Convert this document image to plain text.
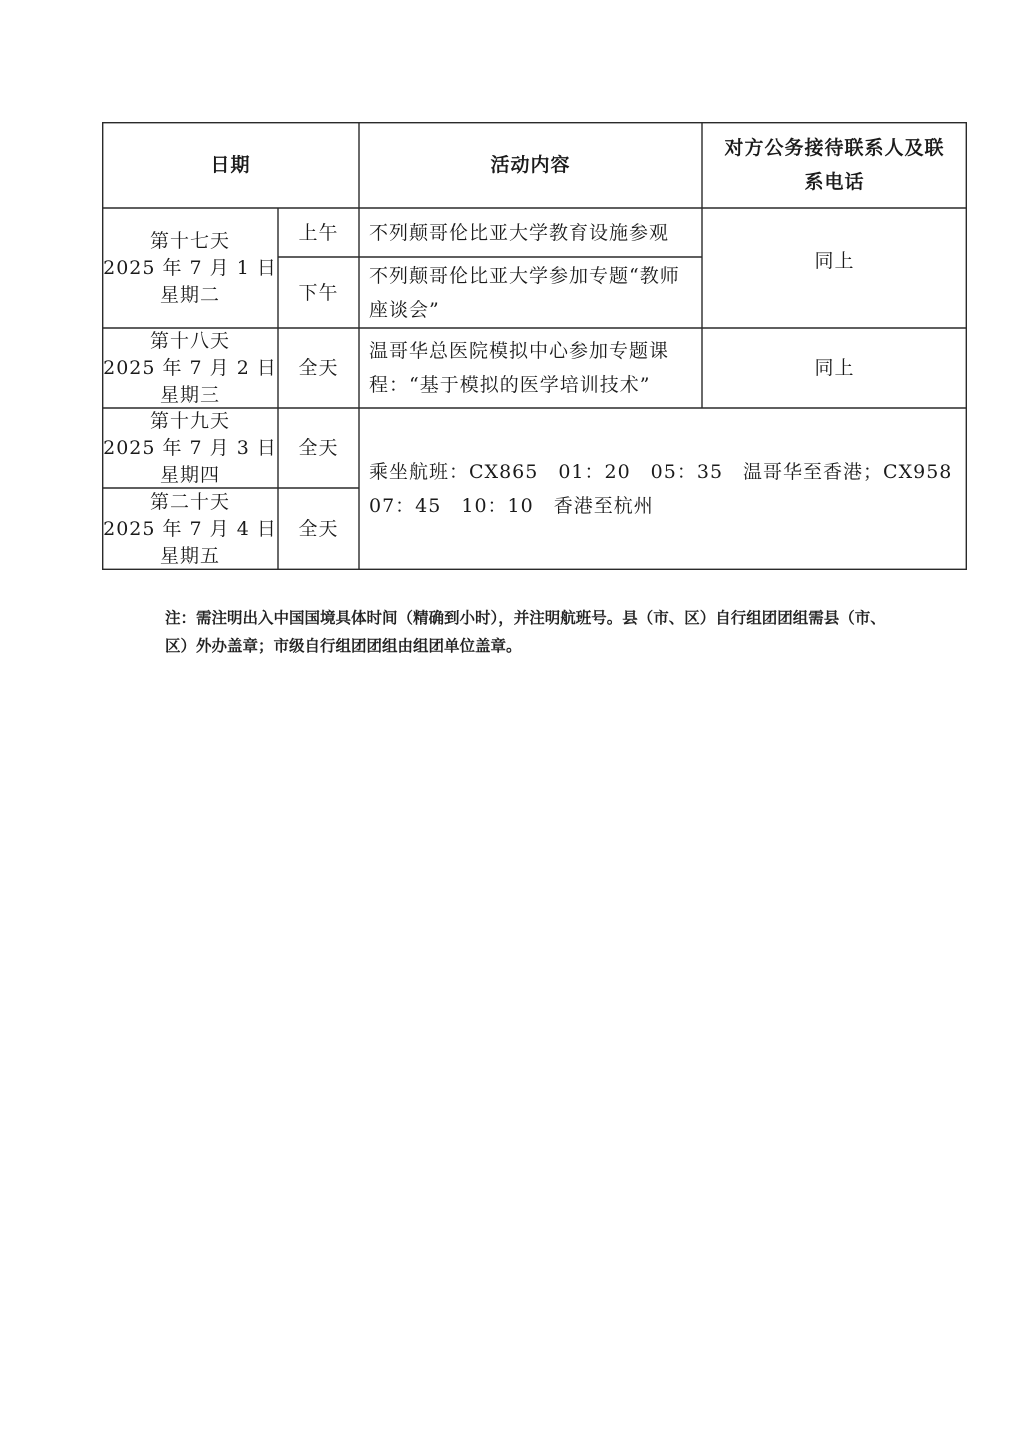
日期	活动内容
对方公务接待联系人及联系电话
第十七天
2025 年 7 月 1 日
星期二
上午 不列颠哥伦比亚大学教育设施参观
下午
不列颠哥伦比亚大学参加专题“教师座谈会”
同上
第十八天
2025 年 7 月 2 日
星期三
全天
温哥华总医院模拟中心参加专题课程：“基于模拟的医学培训技术”
同上
第十九天
2025 年 7 月 3 日
星期四
全天
第二十天
2025 年 7 月 4 日
星期五
全天
乘坐航班：CX865　01：20　05：35　温哥华至香港；CX958　07：45　10：10　香港至杭州
注：需注明出入中国国境具体时间（精确到小时），并注明航班号。县（市、区）自行组团团组需县（市、区）外办盖章；市级自行组团团组由组团单位盖章。
